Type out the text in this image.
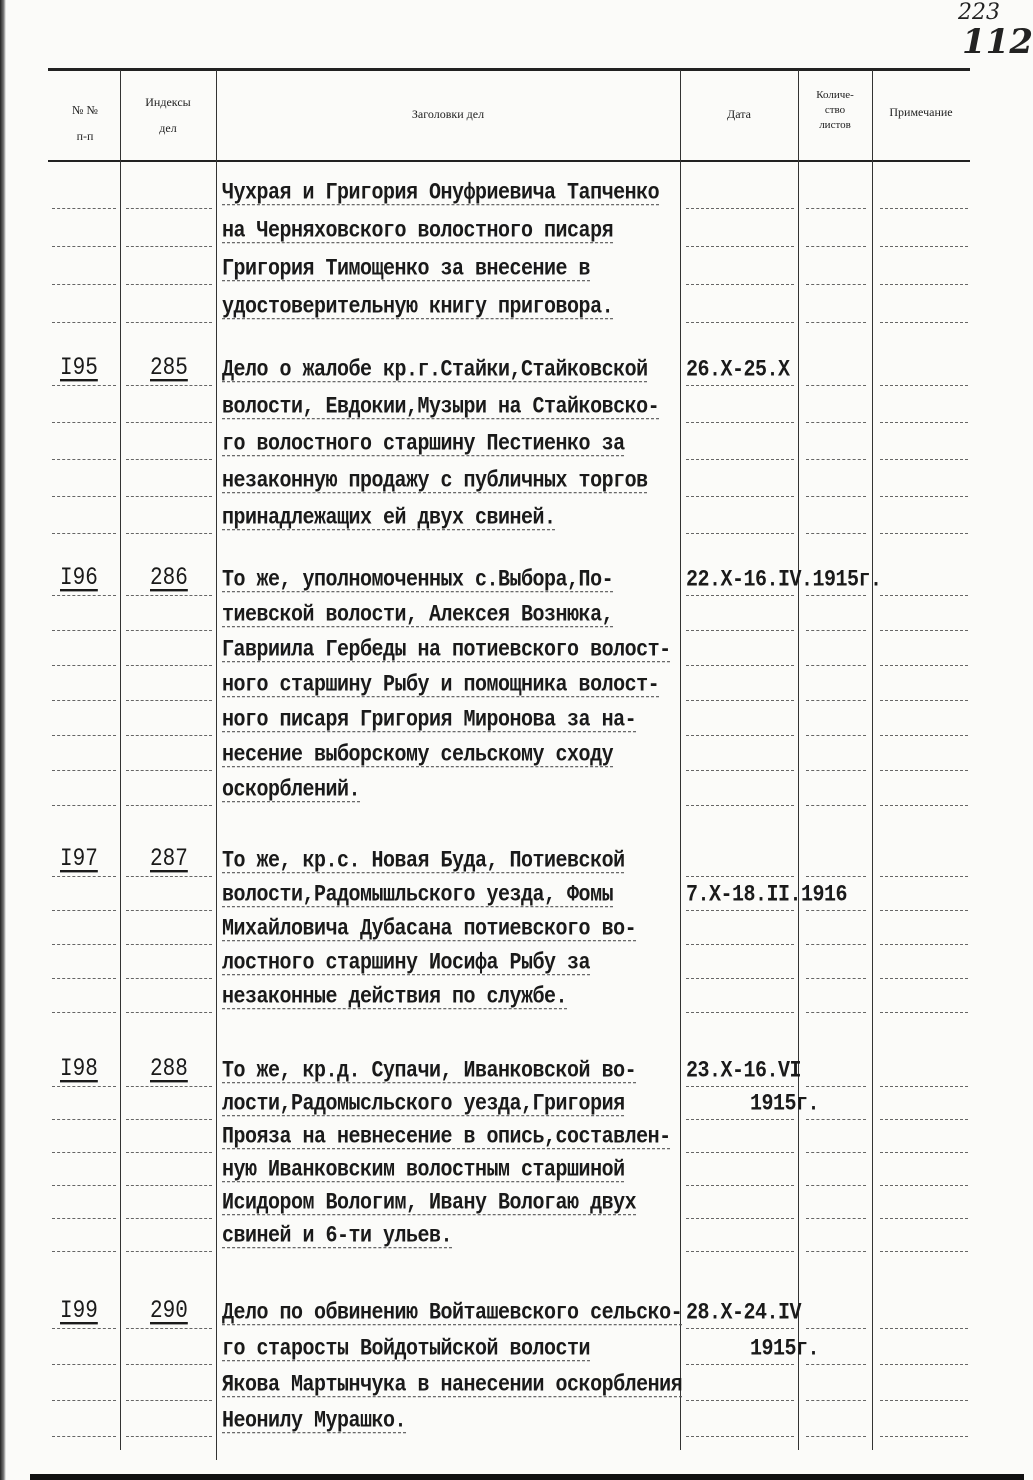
223
112
№ №
п-п
Индексы
дел
Заголовки дел	Дата
Количе-
ство
листов
Примечание
Чухрая и Григория Онуфриевича Тапченко
на Черняховского волостного писаря
Григория Тимощенко за внесение в
удостоверительную книгу приговора.
I95 285 Дело о жалобе кр.г.Стайки,Стайковской
волости, Евдокии,Музыри на Стайковско-
го волостного старшину Пестиенко за
незаконную продажу с публичных торгов
принадлежащих ей двух свиней.
26.X-25.X
I96 286 То же, уполномоченных с.Выбора,По-
тиевской волости, Алексея Вознюка,
Гавриила Гербеды на потиевского волост-
ного старшину Рыбу и помощника волост-
ного писаря Григория Миронова за на-
несение выборскому сельскому сходу
оскорблений.
22.X-16.IV.1915г.
I97 287 То же, кр.с. Новая Буда, Потиевской
волости,Радомышльского уезда, Фомы
Михайловича Дубасана потиевского во-
лостного старшину Иосифа Рыбу за
незаконные действия по службе.
7.X-18.II.1916
I98 288 То же, кр.д. Супачи, Иванковской во-
лости,Радомысльского уезда,Григория
Прояза на невнесение в опись,составлен-
ную Иванковским волостным старшиной
Исидором Вологим, Ивану Вологаю двух
свиней и 6-ти ульев.
23.X-16.VI
1915г.
I99 290 Дело по обвинению Войташевского сельско-
го старосты Войдотыйской волости
Якова Мартынчука в нанесении оскорбления
Неонилу Мурашко.
28.X-24.IV
1915г.
